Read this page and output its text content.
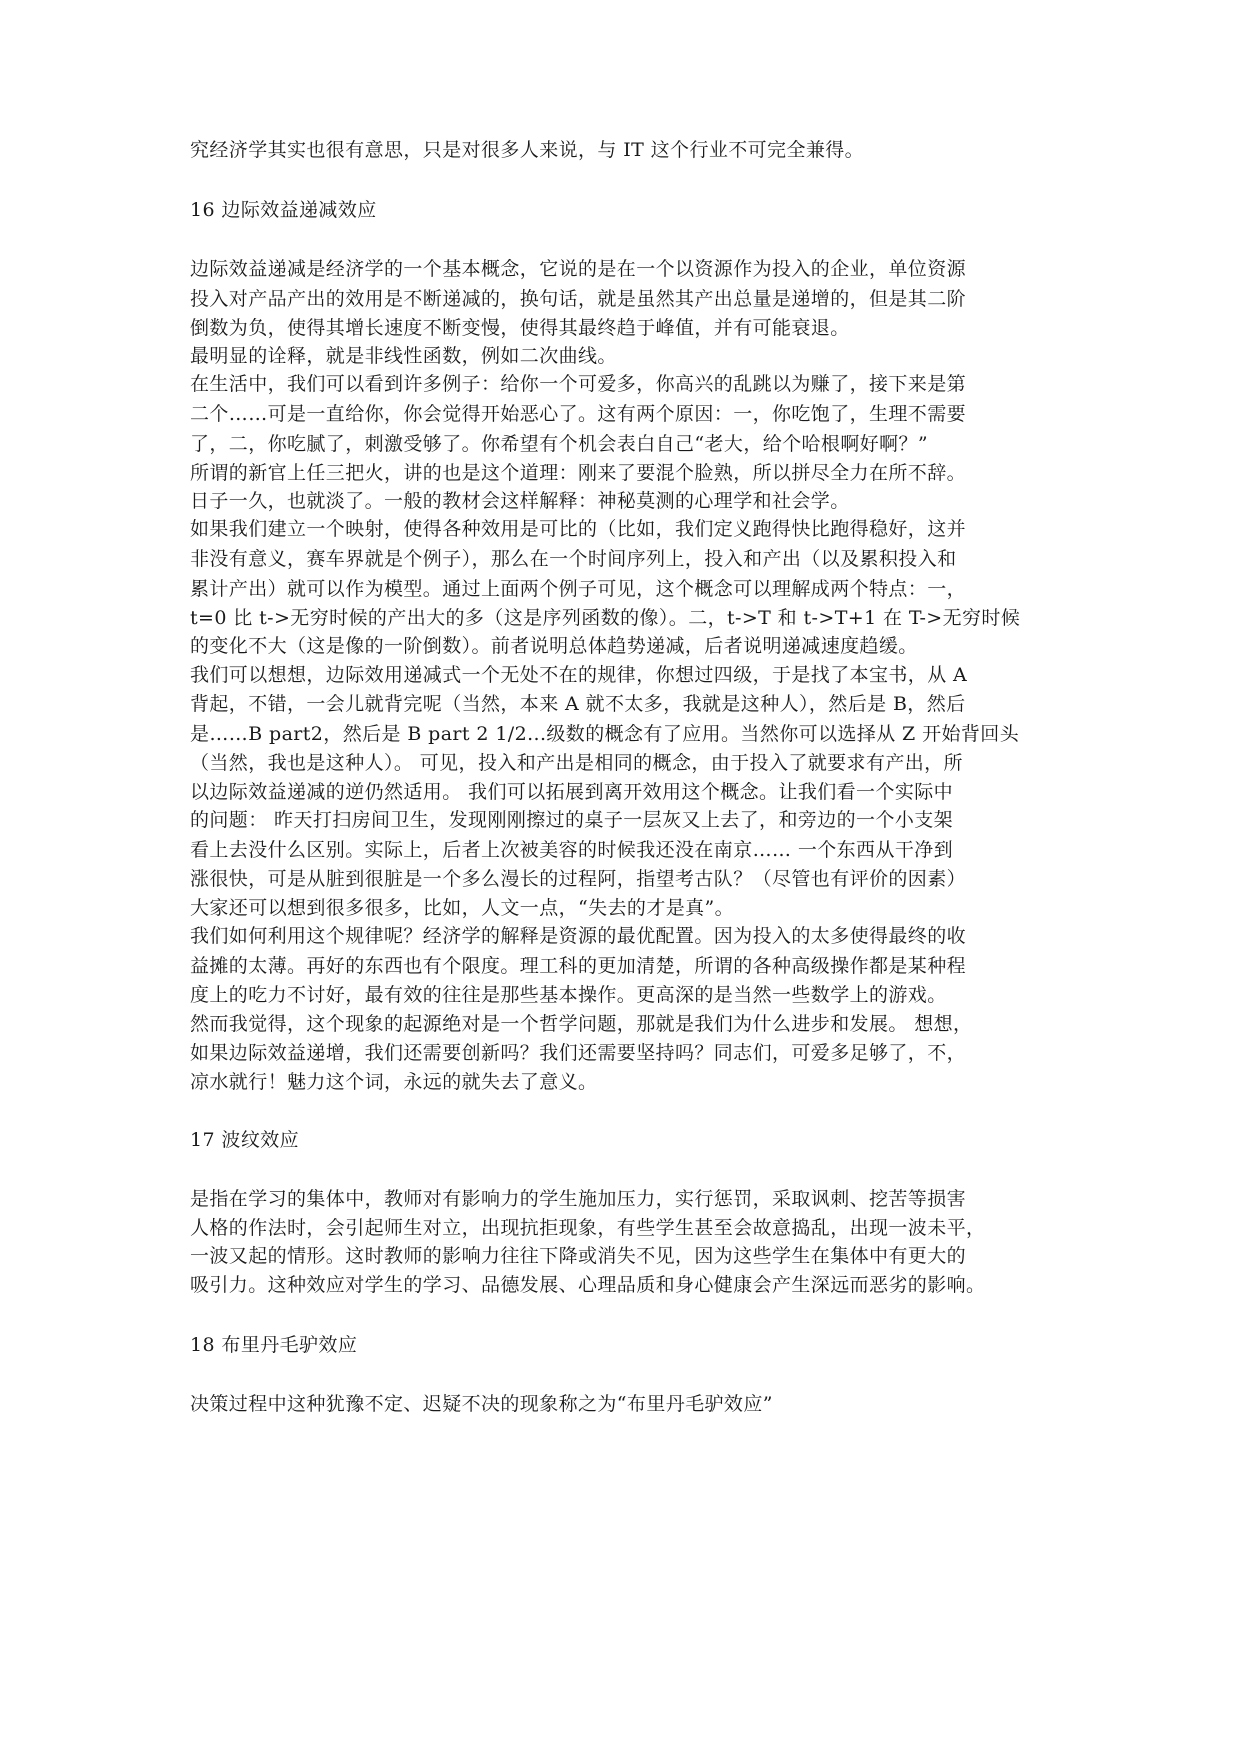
究经济学其实也很有意思，只是对很多人来说，与 IT 这个行业不可完全兼得。
16 边际效益递减效应
边际效益递减是经济学的一个基本概念，它说的是在一个以资源作为投入的企业，单位资源
投入对产品产出的效用是不断递减的，换句话，就是虽然其产出总量是递增的，但是其二阶
倒数为负，使得其增长速度不断变慢，使得其最终趋于峰值，并有可能衰退。
最明显的诠释，就是非线性函数，例如二次曲线。
在生活中，我们可以看到许多例子：给你一个可爱多，你高兴的乱跳以为赚了，接下来是第
二个……可是一直给你，你会觉得开始恶心了。这有两个原因：一，你吃饱了，生理不需要
了，二，你吃腻了，刺激受够了。你希望有个机会表白自己“老大，给个哈根啊好啊？”
所谓的新官上任三把火，讲的也是这个道理：刚来了要混个脸熟，所以拼尽全力在所不辞。
日子一久，也就淡了。一般的教材会这样解释：神秘莫测的心理学和社会学。
如果我们建立一个映射，使得各种效用是可比的（比如，我们定义跑得快比跑得稳好，这并
非没有意义，赛车界就是个例子），那么在一个时间序列上，投入和产出（以及累积投入和
累计产出）就可以作为模型。通过上面两个例子可见，这个概念可以理解成两个特点：一，
t=0 比 t->无穷时候的产出大的多（这是序列函数的像）。二，t->T 和 t->T+1 在 T->无穷时候
的变化不大（这是像的一阶倒数）。前者说明总体趋势递减，后者说明递减速度趋缓。
我们可以想想，边际效用递减式一个无处不在的规律，你想过四级，于是找了本宝书，从 A
背起，不错，一会儿就背完呢（当然，本来 A 就不太多，我就是这种人），然后是 B，然后
是……B part2，然后是 B part 2 1/2...级数的概念有了应用。当然你可以选择从 Z 开始背回头
（当然，我也是这种人）。 可见，投入和产出是相同的概念，由于投入了就要求有产出，所
以边际效益递减的逆仍然适用。 我们可以拓展到离开效用这个概念。让我们看一个实际中
的问题： 昨天打扫房间卫生，发现刚刚擦过的桌子一层灰又上去了，和旁边的一个小支架
看上去没什么区别。实际上，后者上次被美容的时候我还没在南京…… 一个东西从干净到
涨很快，可是从脏到很脏是一个多么漫长的过程阿，指望考古队？（尽管也有评价的因素）
大家还可以想到很多很多，比如，人文一点，“失去的才是真”。
我们如何利用这个规律呢？经济学的解释是资源的最优配置。因为投入的太多使得最终的收
益摊的太薄。再好的东西也有个限度。理工科的更加清楚，所谓的各种高级操作都是某种程
度上的吃力不讨好，最有效的往往是那些基本操作。更高深的是当然一些数学上的游戏。
然而我觉得，这个现象的起源绝对是一个哲学问题，那就是我们为什么进步和发展。 想想，
如果边际效益递增，我们还需要创新吗？我们还需要坚持吗？同志们，可爱多足够了，不，
凉水就行！魅力这个词，永远的就失去了意义。
17 波纹效应
是指在学习的集体中，教师对有影响力的学生施加压力，实行惩罚，采取讽刺、挖苦等损害
人格的作法时，会引起师生对立，出现抗拒现象，有些学生甚至会故意捣乱，出现一波未平，
一波又起的情形。这时教师的影响力往往下降或消失不见，因为这些学生在集体中有更大的
吸引力。这种效应对学生的学习、品德发展、心理品质和身心健康会产生深远而恶劣的影响。
18 布里丹毛驴效应
决策过程中这种犹豫不定、迟疑不决的现象称之为“布里丹毛驴效应”
